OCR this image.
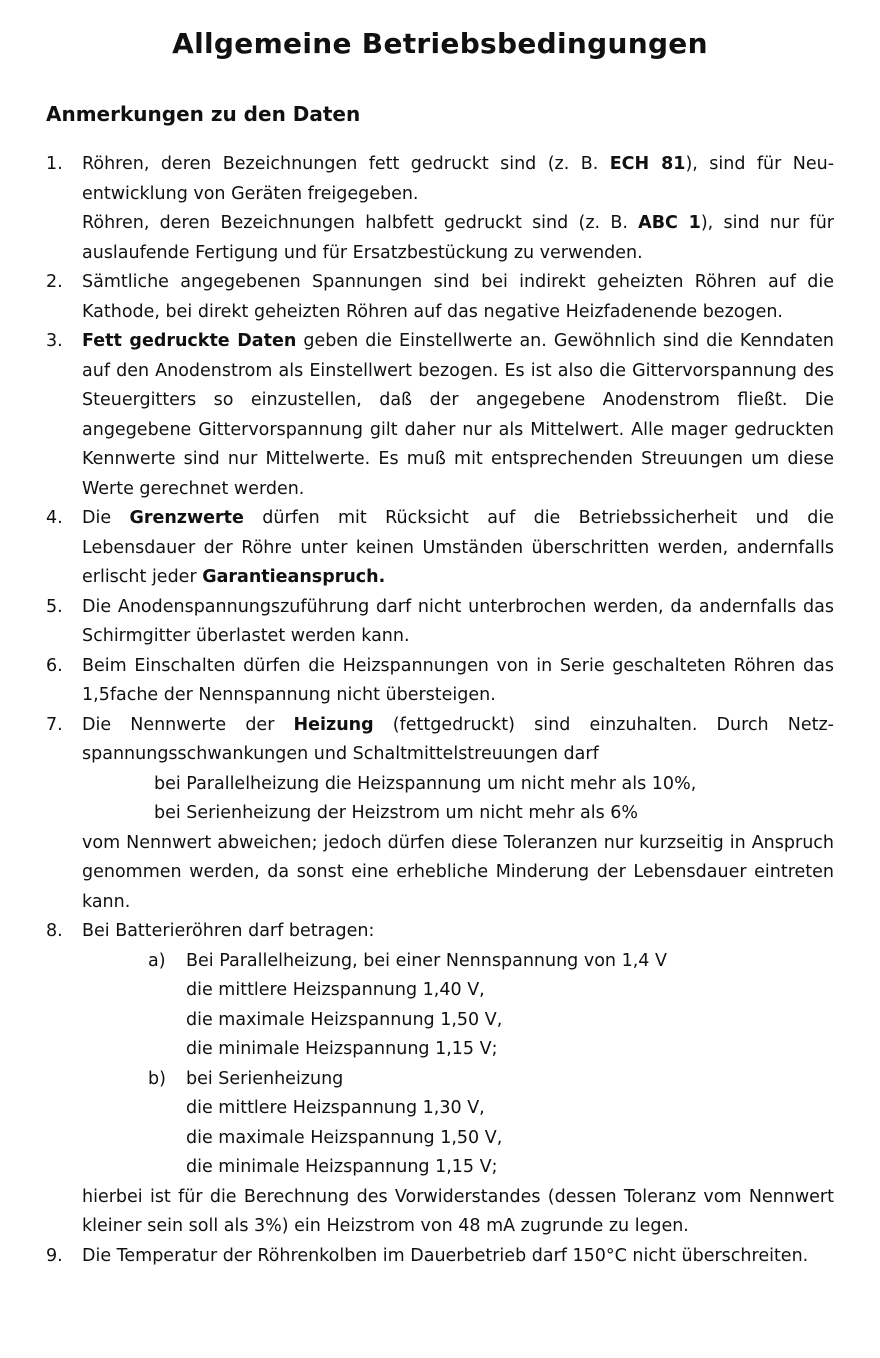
Allgemeine Betriebsbedingungen
Anmerkungen zu den Daten
1.	Röhren, deren Bezeichnungen fett gedruckt sind (z. B. ECH 81), sind für Neuentwicklung von Geräten freigegeben.

Röhren, deren Bezeichnungen halbfett gedruckt sind (z. B. ABC 1), sind nur für auslaufende Fertigung und für Ersatzbestückung zu verwenden.

2.	Sämtliche angegebenen Spannungen sind bei indirekt geheizten Röhren auf die Kathode, bei direkt geheizten Röhren auf das negative Heizfadenende bezogen.

3.	Fett gedruckte Daten geben die Einstellwerte an. Gewöhnlich sind die Kenndaten auf den Anodenstrom als Einstellwert bezogen. Es ist also die Gittervorspannung des Steuergitters so einzustellen, daß der angegebene Anodenstrom fließt. Die angegebene Gittervorspannung gilt daher nur als Mittelwert. Alle mager gedruckten Kennwerte sind nur Mittelwerte. Es muß mit entsprechenden Streuungen um diese Werte gerechnet werden.

4.	Die Grenzwerte dürfen mit Rücksicht auf die Betriebssicherheit und die Lebensdauer der Röhre unter keinen Umständen überschritten werden, andernfalls erlischt jeder Garantieanspruch.

5.	Die Anodenspannungszuführung darf nicht unterbrochen werden, da andernfalls das Schirmgitter überlastet werden kann.

6.	Beim Einschalten dürfen die Heizspannungen von in Serie geschalteten Röhren das 1,5fache der Nennspannung nicht übersteigen.

7.	Die Nennwerte der Heizung (fettgedruckt) sind einzuhalten. Durch Netzspannungsschwankungen und Schaltmittelstreuungen darf

bei Parallelheizung die Heizspannung um nicht mehr als 10%,

bei Serienheizung der Heizstrom um nicht mehr als 6%

vom Nennwert abweichen; jedoch dürfen diese Toleranzen nur kurzseitig in Anspruch genommen werden, da sonst eine erhebliche Minderung der Lebensdauer eintreten kann.

8.	Bei Batterieröhren darf betragen:

a) Bei Parallelheizung, bei einer Nennspannung von 1,4 V

die mittlere Heizspannung 1,40 V,

die maximale Heizspannung 1,50 V,

die minimale Heizspannung 1,15 V;

b) bei Serienheizung

die mittlere Heizspannung 1,30 V,

die maximale Heizspannung 1,50 V,

die minimale Heizspannung 1,15 V;

hierbei ist für die Berechnung des Vorwiderstandes (dessen Toleranz vom Nennwert kleiner sein soll als 3%) ein Heizstrom von 48 mA zugrunde zu legen.

9.	Die Temperatur der Röhrenkolben im Dauerbetrieb darf 150°C nicht überschreiten.
